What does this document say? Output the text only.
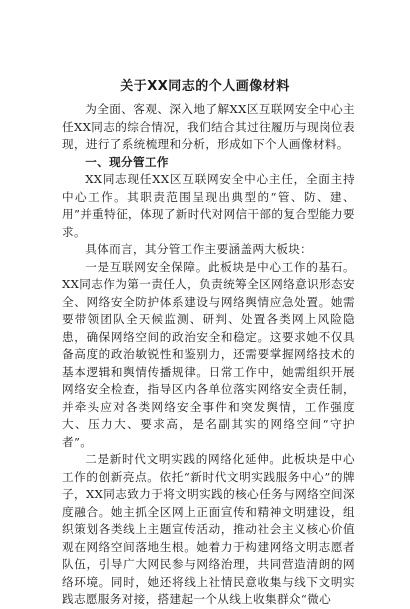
关于XX同志的个人画像材料

为全面、客观、深入地了解XX区互联网安全中心主任XX同志的综合情况，我们结合其过往履历与现岗位表现，进行了系统梳理和分析，形成如下个人画像材料。

一、现分管工作

XX同志现任XX区互联网安全中心主任，全面主持中心工作。其职责范围呈现出典型的“管、防、建、用”并重特征，体现了新时代对网信干部的复合型能力要求。

具体而言，其分管工作主要涵盖两大板块：

一是互联网安全保障。此板块是中心工作的基石。XX同志作为第一责任人，负责统筹全区网络意识形态安全、网络安全防护体系建设与网络舆情应急处置。她需要带领团队全天候监测、研判、处置各类网上风险隐患，确保网络空间的政治安全和稳定。这要求她不仅具备高度的政治敏锐性和鉴别力，还需要掌握网络技术的基本逻辑和舆情传播规律。日常工作中，她需组织开展网络安全检查，指导区内各单位落实网络安全责任制，并牵头应对各类网络安全事件和突发舆情，工作强度大、压力大、要求高，是名副其实的网络空间“守护者”。

二是新时代文明实践的网络化延伸。此板块是中心工作的创新亮点。依托“新时代文明实践服务中心”的牌子，XX同志致力于将文明实践的核心任务与网络空间深度融合。她主抓全区网上正面宣传和精神文明建设，组织策划各类线上主题宣传活动，推动社会主义核心价值观在网络空间落地生根。她着力于构建网络文明志愿者队伍，引导广大网民参与网络治理，共同营造清朗的网络环境。同时，她还将线上社情民意收集与线下文明实践志愿服务对接，搭建起一个从线上收集群众“微心
